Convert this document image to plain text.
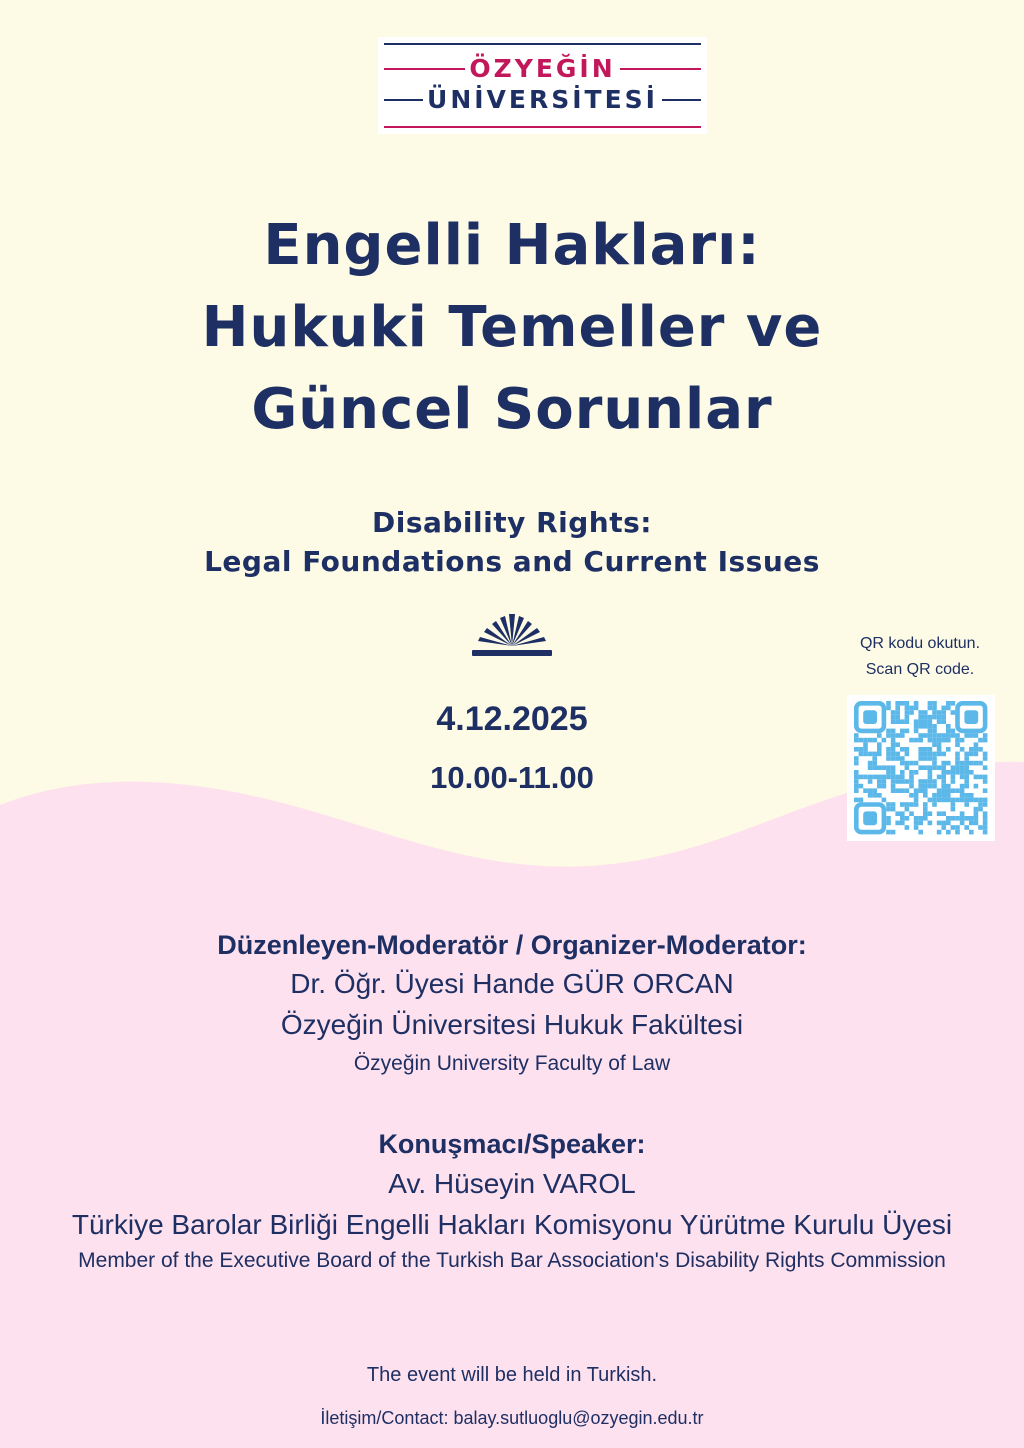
ÖZYEĞİN
ÜNİVERSİTESİ
Engelli Hakları:
Hukuki Temeller ve
Güncel Sorunlar
Disability Rights:
Legal Foundations and Current Issues
4.12.2025
10.00-11.00
QR kodu okutun.
Scan QR code.
Düzenleyen-Moderatör / Organizer-Moderator:
Dr. Öğr. Üyesi Hande GÜR ORCAN
Özyeğin Üniversitesi Hukuk Fakültesi
Özyeğin University Faculty of Law
Konuşmacı/Speaker:
Av. Hüseyin VAROL
Türkiye Barolar Birliği Engelli Hakları Komisyonu Yürütme Kurulu Üyesi
Member of the Executive Board of the Turkish Bar Association's Disability Rights Commission
The event will be held in Turkish.
İletişim/Contact: balay.sutluoglu@ozyegin.edu.tr
